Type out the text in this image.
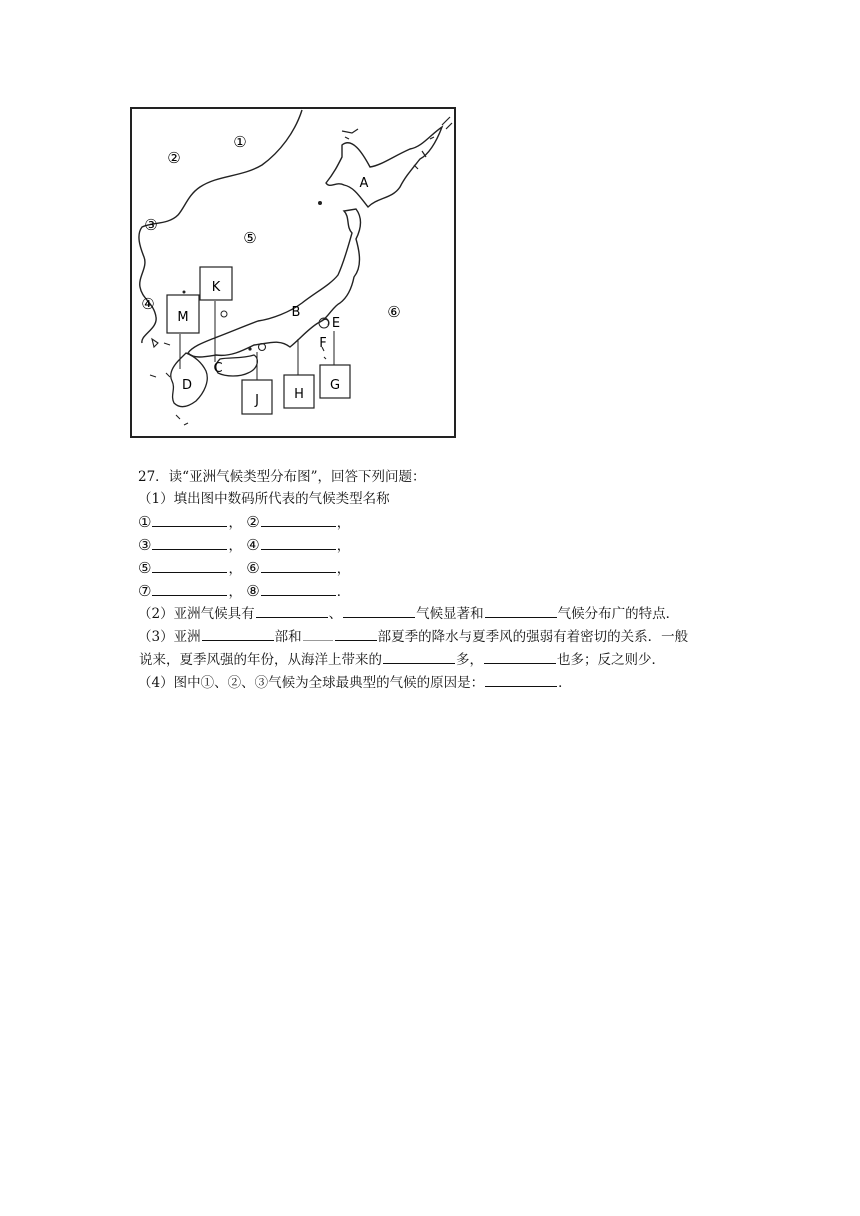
①
②
③
④
⑤
⑥
A
B
C
D
E
F
K
M
J	H
G
27．读“亚洲气候类型分布图”，回答下列问题：
（1）填出图中数码所代表的气候类型名称
①	， ②	，
③	， ④	，
⑤	， ⑥	，
⑦	， ⑧	．
（2）亚洲气候具有	、	气候显著和	气候分布广的特点．
（3）亚洲	部和	部夏季的降水与夏季风的强弱有着密切的关系．一般
说来，夏季风强的年份，从海洋上带来的	多，	也多；反之则少．
（4）图中①、②、③气候为全球最典型的气候的原因是：	．
